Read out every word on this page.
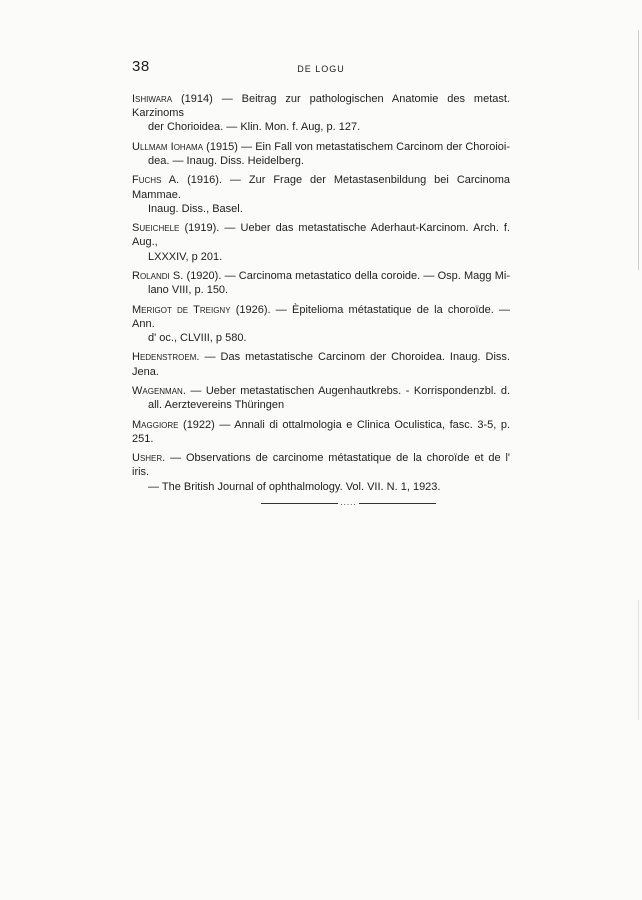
38	DE LOGU

Ishiwara (1914) — Beitrag zur pathologischen Anatomie des metast. Karzinoms

der Chorioidea. — Klin. Mon. f. Aug, p. 127.

Ullmam Iohama (1915) — Ein Fall von metastatischem Carcinom der Choroioi-

dea. — Inaug. Diss. Heidelberg.

Fuchs A. (1916). — Zur Frage der Metastasenbildung bei Carcinoma Mammae.

Inaug. Diss., Basel.

Sueichele (1919). — Ueber das metastatische Aderhaut-Karcinom. Arch. f. Aug.,

LXXXIV, p 201.

Rolandi S. (1920). — Carcinoma metastatico della coroide. — Osp. Magg Mi-

lano VIII, p. 150.

Merigot de Treigny (1926). — Èpitelioma métastatique de la choroïde. — Ann.

d' oc., CLVIII, p 580.

Hedenstroem. — Das metastatische Carcinom der Choroidea. Inaug. Diss. Jena.

Wagenman. — Ueber metastatischen Augenhautkrebs. - Korrispondenzbl. d.

all. Aerztevereins Thüringen

Maggiore (1922) — Annali di ottalmologia e Clinica Oculistica, fasc. 3-5, p. 251.

Usher. — Observations de carcinome métastatique de la choroïde et de l' iris.

— The British Journal of ophthalmology. Vol. VII. N. 1, 1923.

.....
